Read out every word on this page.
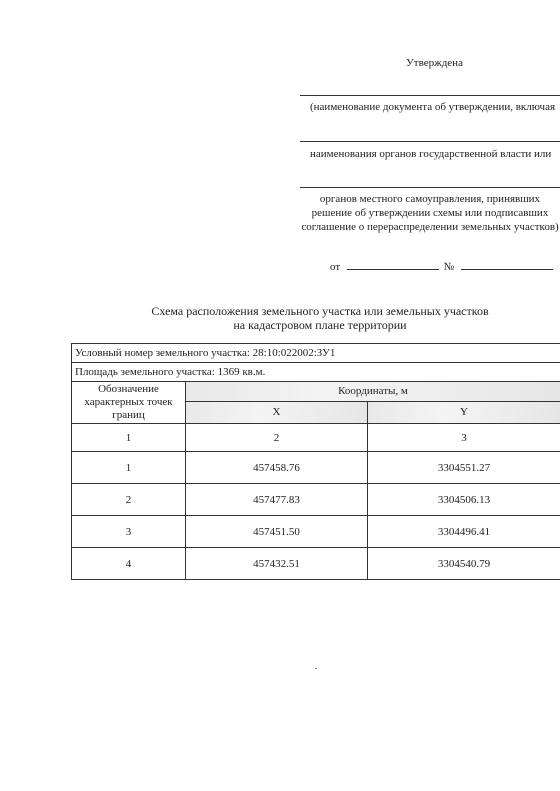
Утверждена
(наименование документа об утверждении, включая
наименования органов государственной власти или
органов местного самоуправления, принявших решение об утверждении схемы или подписавших соглашение о перераспределении земельных участков)
от	№
Схема расположения земельного участка или земельных участков
на кадастровом плане территории
Условный номер земельного участка: 28:10:022002:ЗУ1		
Площадь земельного участка: 1369 кв.м.		
Обозначение характерных точек границ	Координаты, м	
	X	Y
1	2	3
1	457458.76	3304551.27
2	457477.83	3304506.13
3	457451.50	3304496.41
4	457432.51	3304540.79
